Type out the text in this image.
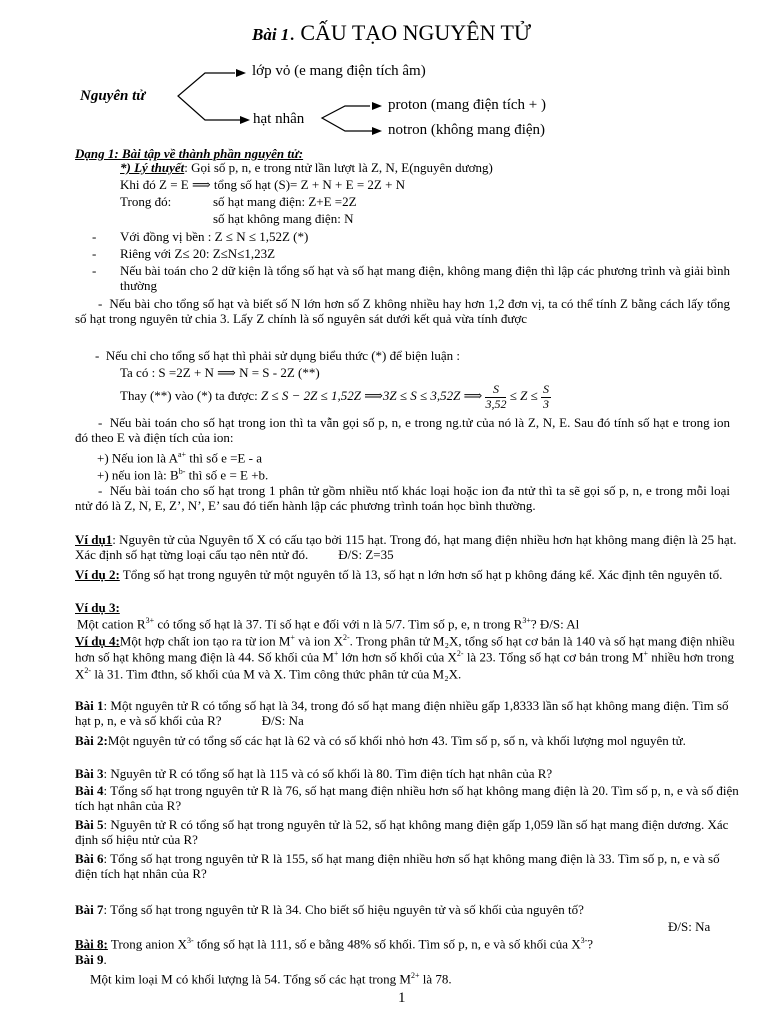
Bài 1. CẤU TẠO NGUYÊN TỬ
Nguyên tử
lớp vỏ (e mang điện tích âm)
hạt nhân
proton (mang điện tích + )
notron (không mang điện)
Dạng 1: Bài tập về thành phần nguyên tử:
*) Lý thuyết: Gọi số p, n, e trong ntử lần lượt là Z, N, E(nguyên dương)
Khi đó Z = E ⟹ tổng số hạt (S)= Z + N + E = 2Z + N
Trong đó:	số hạt mang điện: Z+E =2Z
số hạt không mang điện: N
- Với đồng vị bền : Z ≤ N ≤ 1,52Z (*)
- Riêng với Z≤ 20: Z≤N≤1,23Z
- Nếu bài toán cho 2 dữ kiện là tổng số hạt và số hạt mang điện, không mang điện thì lập các phương trình và giải bình thường
-  Nếu bài cho tổng số hạt và biết số N lớn hơn số Z không nhiều hay hơn 1,2 đơn vị, ta có thể tính Z bằng cách lấy tổng số hạt trong nguyên tử chia 3. Lấy Z chính là số nguyên sát dưới kết quả vừa tính được
-  Nếu chỉ cho tổng số hạt thì phải sử dụng biểu thức (*) để biện luận :
Ta có : S =2Z + N ⟹ N = S - 2Z (**)
Thay (**) vào (*) ta được: Z ≤ S − 2Z ≤ 1,52Z ⟹3Z ≤ S ≤ 3,52Z ⟹ $\frac{S}{3,52} \le Z \le \frac{S}{3}$
-  Nếu bài toán cho số hạt trong ion thì ta vẫn gọi số p, n, e trong ng.tử của nó là Z, N, E. Sau đó tính số hạt e trong ion đó theo E và điện tích của ion:
+) Nếu ion là $A^{a+}$ thì số e =E - a
+) nếu ion là: $B^{b-}$ thì số e = E +b.
-  Nếu bài toán cho số hạt trong 1 phân tử gồm nhiều ntố khác loại hoặc ion đa ntử thì ta sẽ gọi số p, n, e trong mỗi loại ntử đó là Z, N, E, Z’, N’, E’ sau đó tiến hành lập các phương trình toán học bình thường.
Ví dụ1: Nguyên tử của Nguyên tố X có cấu tạo bởi 115 hạt. Trong đó, hạt mang điện nhiều hơn hạt không mang điện là 25 hạt. Xác định số hạt từng loại cấu tạo nên ntử đó. Đ/S: Z=35
Ví dụ 2: Tổng số hạt trong nguyên tử một nguyên tố là 13, số hạt n lớn hơn số hạt p không đáng kể. Xác định tên nguyên tố.
Ví dụ 3:
Một cation $R^{3+}$ có tổng số hạt là 37. Tỉ số hạt e đối với n là 5/7. Tìm số p, e, n trong $R^{3+}$? Đ/S: Al
Ví dụ 4:Một hợp chất ion tạo ra từ ion M+ và ion $X^{2-}$. Trong phân tử M₂X, tổng số hạt cơ bản là 140 và số hạt mang điện nhiều hơn số hạt không mang điện là 44. Số khối của M+ lớn hơn số khối của $X^{2-}$ là 23. Tổng số hạt cơ bản trong M+ nhiều hơn trong $X^{2-}$ là 31. Tìm đthn, số khối của M và X. Tìm công thức phân tử của M₂X.
Bài 1: Một nguyên tử R có tổng số hạt là 34, trong đó số hạt mang điện nhiều gấp 1,8333 lần số hạt không mang điện. Tìm số hạt p, n, e và số khối của R?	Đ/S: Na
Bài 2:Một nguyên tử có tổng số các hạt là 62 và có số khối nhỏ hơn 43. Tìm số p, số n, và khối lượng mol nguyên tử.
Bài 3: Nguyên tử R có tổng số hạt là 115 và có số khối là 80. Tìm điện tích hạt nhân của R?
Bài 4: Tổng số hạt trong nguyên tử R là 76, số hạt mang điện nhiều hơn số hạt không mang điện là 20. Tìm số p, n, e và số điện tích hạt nhân của R?
Bài 5: Nguyên tử R có tổng số hạt trong nguyên tử là 52, số hạt không mang điện gấp 1,059 lần số hạt mang điện dương. Xác định số hiệu ntử của R?
Bài 6: Tổng số hạt trong nguyên tử R là 155, số hạt mang điện nhiều hơn số hạt không mang điện là 33. Tìm số p, n, e và số điện tích hạt nhân của R?
Bài 7: Tổng số hạt trong nguyên tử R là 34. Cho biết số hiệu nguyên tử và số khối của nguyên tố?
Đ/S: Na
Bài 8: Trong anion $X^{3-}$ tổng số hạt là 111, số e bằng 48% số khối. Tìm số p, n, e và số khối của $X^{3-}$?
Bài 9.
Một kim loại M có khối lượng là 54. Tổng số các hạt trong $M^{2+}$ là 78.
1
